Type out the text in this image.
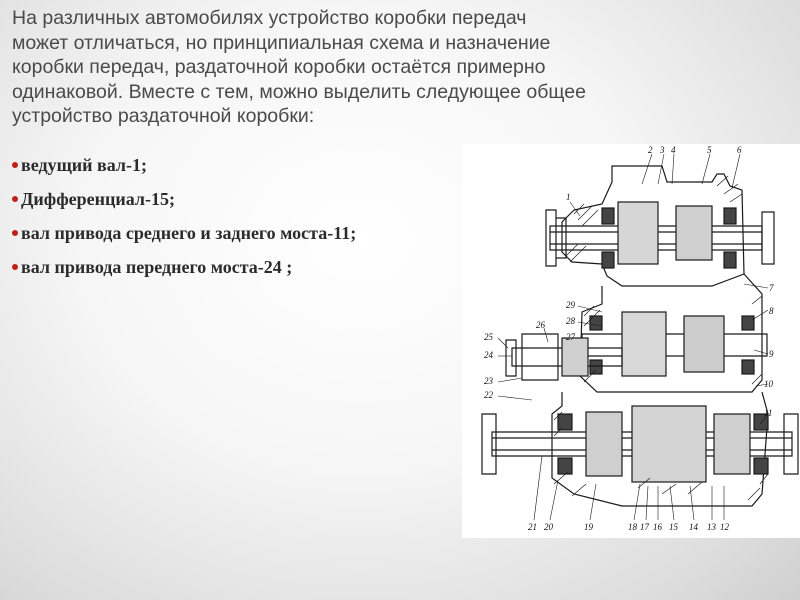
На различных автомобилях устройство коробки передач
может отличаться, но принципиальная схема и назначение
коробки передач, раздаточной коробки остаётся примерно
одинаковой. Вместе с тем, можно выделить следующее общее
устройство раздаточной коробки:
ведущий вал-1;
Дифференциал-15;
вал привода среднего и заднего моста-11;
вал привода переднего моста-24 ;
2 3 4	5	6
7
8
9
10
11
1
29
28
27
26
25
24
23
22
21 20	19	18 17 16 15 14 13 12
